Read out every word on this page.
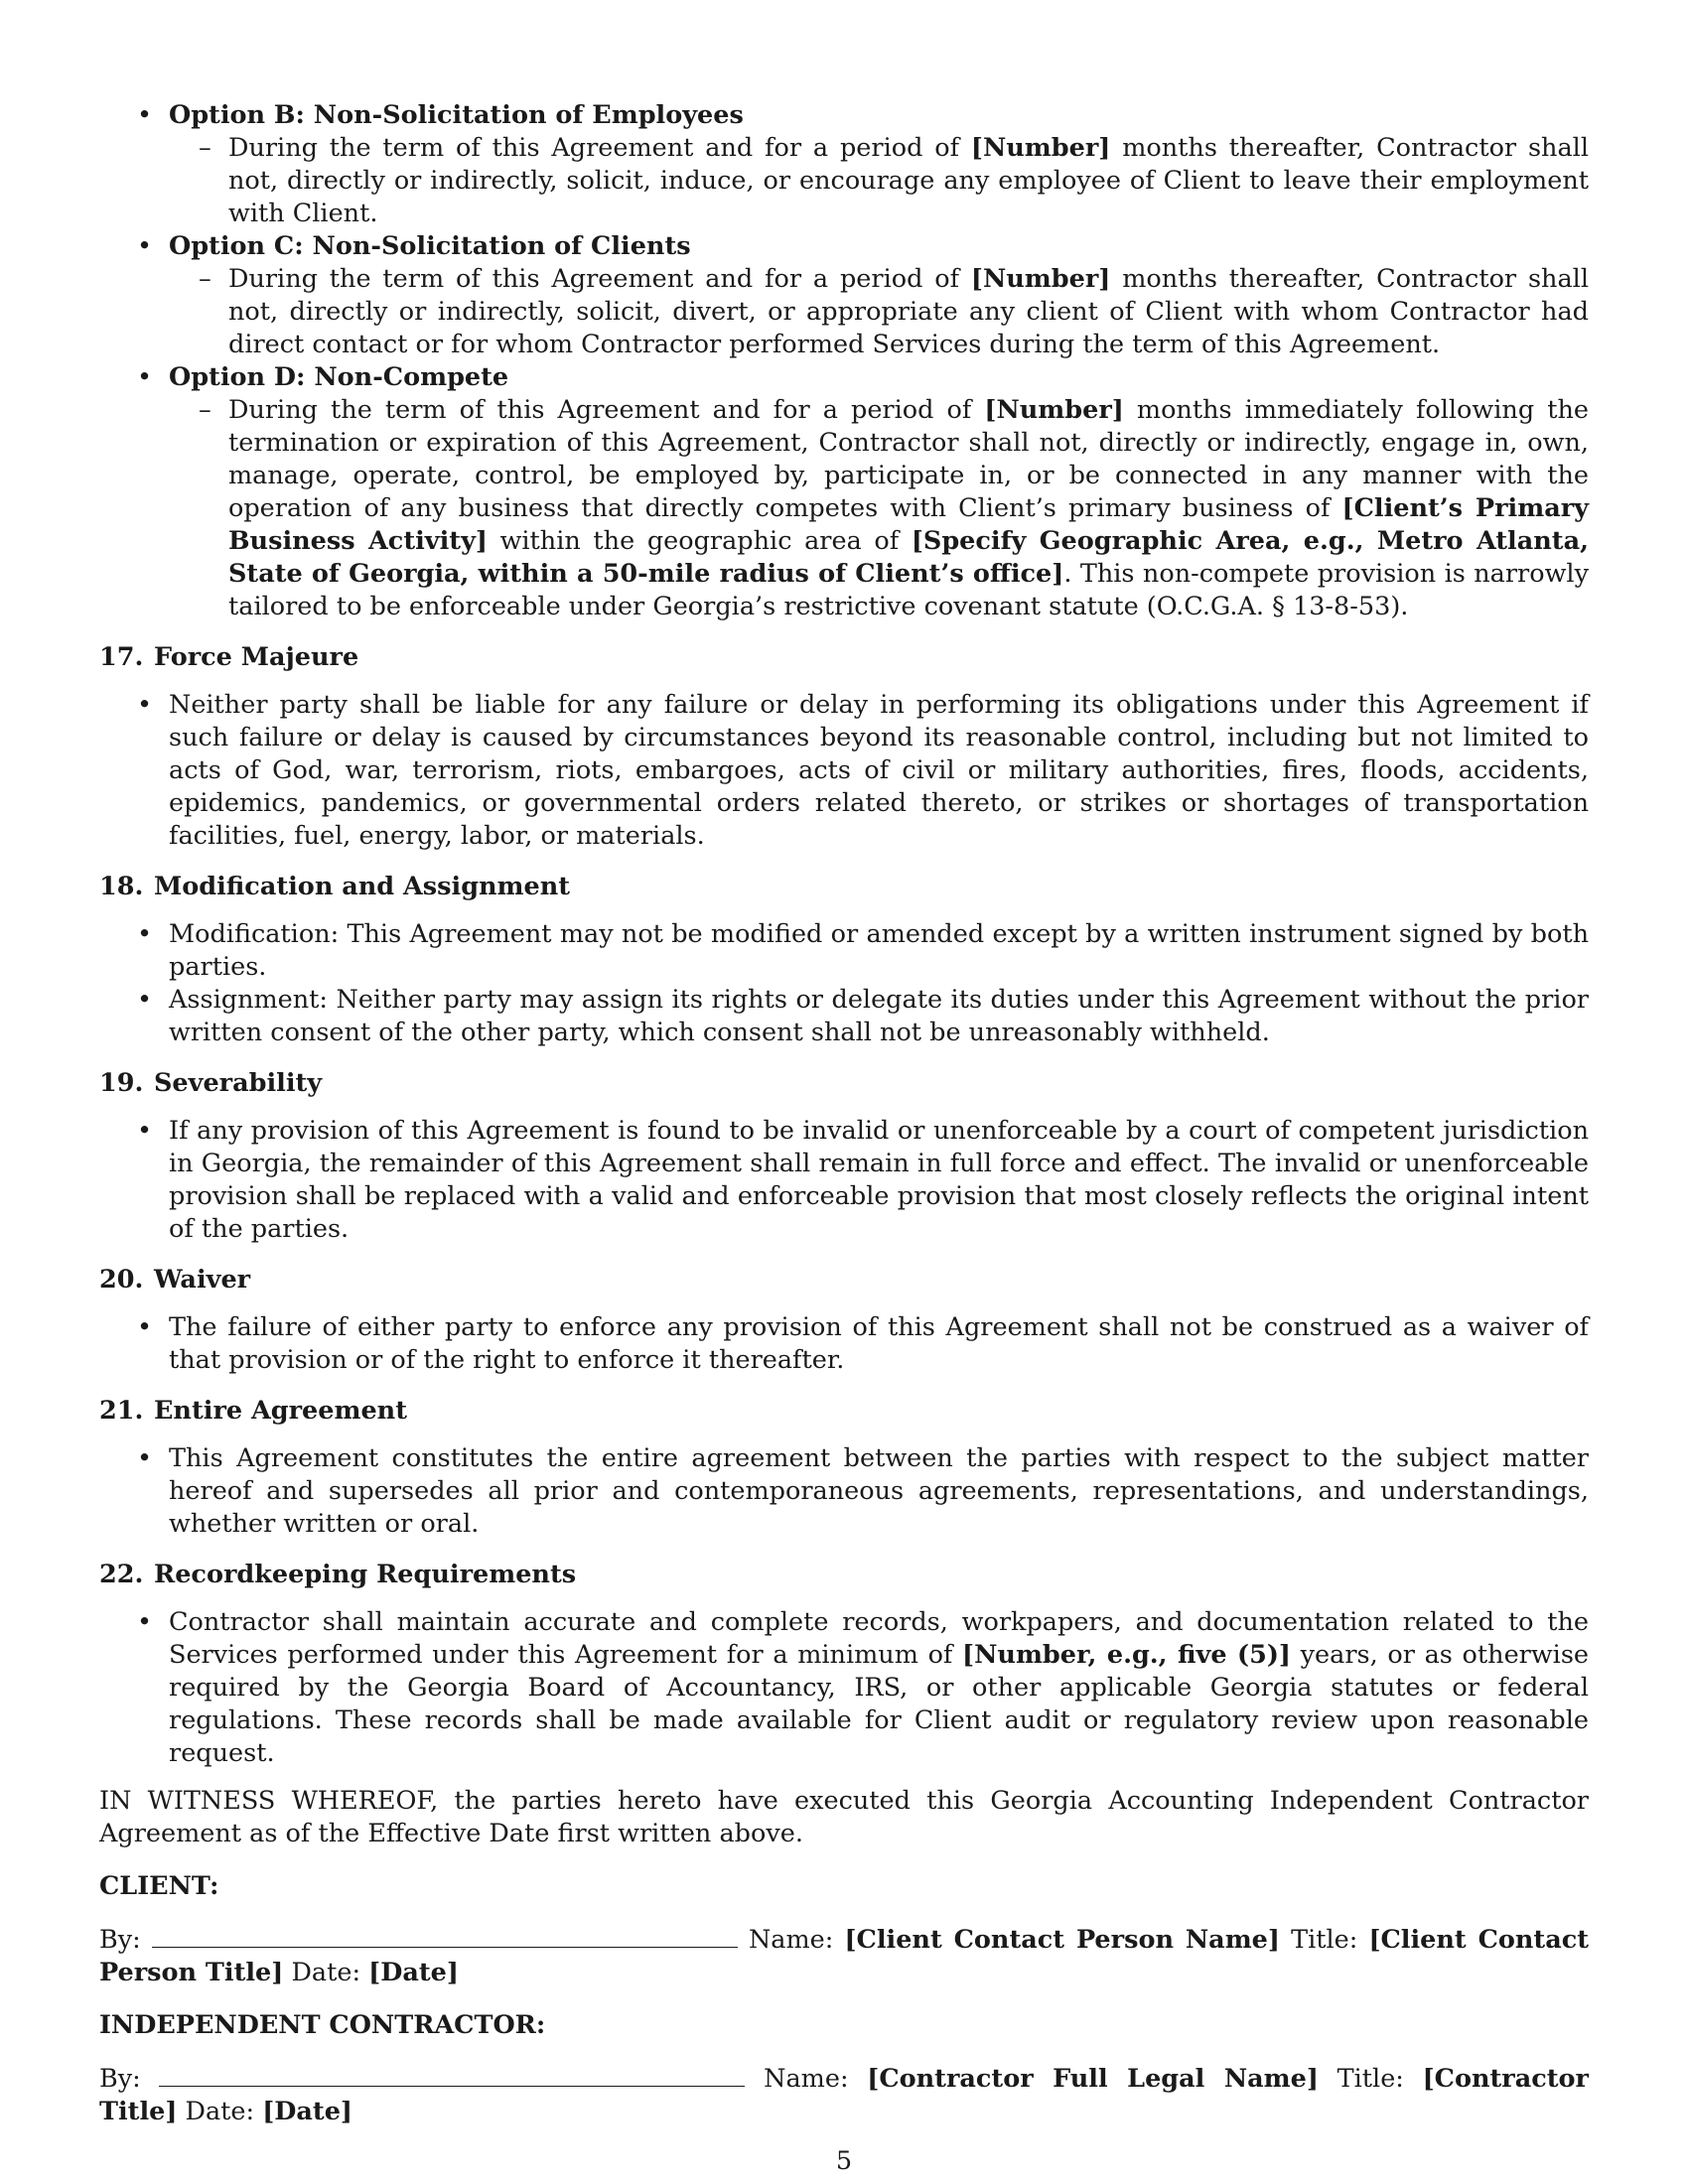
• Option B: Non-Solicitation of Employees
– During the term of this Agreement and for a period of [Number] months thereafter, Contractor shall not, directly or indirectly, solicit, induce, or encourage any employee of Client to leave their employment with Client.
• Option C: Non-Solicitation of Clients
– During the term of this Agreement and for a period of [Number] months thereafter, Contractor shall not, directly or indirectly, solicit, divert, or appropriate any client of Client with whom Contractor had direct contact or for whom Contractor performed Services during the term of this Agreement.
• Option D: Non-Compete
– During the term of this Agreement and for a period of [Number] months immediately following the termination or expiration of this Agreement, Contractor shall not, directly or indirectly, engage in, own, manage, operate, control, be employed by, participate in, or be connected in any manner with the operation of any business that directly competes with Client’s primary business of [Client’s Primary Business Activity] within the geographic area of [Specify Geographic Area, e.g., Metro Atlanta, State of Georgia, within a 50-mile radius of Client’s office]. This non-compete provision is narrowly tailored to be enforceable under Georgia’s restrictive covenant statute (O.C.G.A. § 13-8-53).
17. Force Majeure
• Neither party shall be liable for any failure or delay in performing its obligations under this Agreement if such failure or delay is caused by circumstances beyond its reasonable control, including but not limited to acts of God, war, terrorism, riots, embargoes, acts of civil or military authorities, fires, floods, accidents, epidemics, pandemics, or governmental orders related thereto, or strikes or shortages of transportation facilities, fuel, energy, labor, or materials.
18. Modification and Assignment
• Modification: This Agreement may not be modified or amended except by a written instrument signed by both parties.
• Assignment: Neither party may assign its rights or delegate its duties under this Agreement without the prior written consent of the other party, which consent shall not be unreasonably withheld.
19. Severability
• If any provision of this Agreement is found to be invalid or unenforceable by a court of competent jurisdiction in Georgia, the remainder of this Agreement shall remain in full force and effect. The invalid or unenforceable provision shall be replaced with a valid and enforceable provision that most closely reflects the original intent of the parties.
20. Waiver
• The failure of either party to enforce any provision of this Agreement shall not be construed as a waiver of that provision or of the right to enforce it thereafter.
21. Entire Agreement
• This Agreement constitutes the entire agreement between the parties with respect to the subject matter hereof and supersedes all prior and contemporaneous agreements, representations, and understandings, whether written or oral.
22. Recordkeeping Requirements
• Contractor shall maintain accurate and complete records, workpapers, and documentation related to the Services performed under this Agreement for a minimum of [Number, e.g., five (5)] years, or as otherwise required by the Georgia Board of Accountancy, IRS, or other applicable Georgia statutes or federal regulations. These records shall be made available for Client audit or regulatory review upon reasonable request.
IN WITNESS WHEREOF, the parties hereto have executed this Georgia Accounting Independent Contractor Agreement as of the Effective Date first written above.
CLIENT:
By:	Name: [Client Contact Person Name] Title: [Client Contact Person Title] Date: [Date]
INDEPENDENT CONTRACTOR:
By:	Name: [Contractor Full Legal Name] Title: [Contractor Title] Date: [Date]
5
